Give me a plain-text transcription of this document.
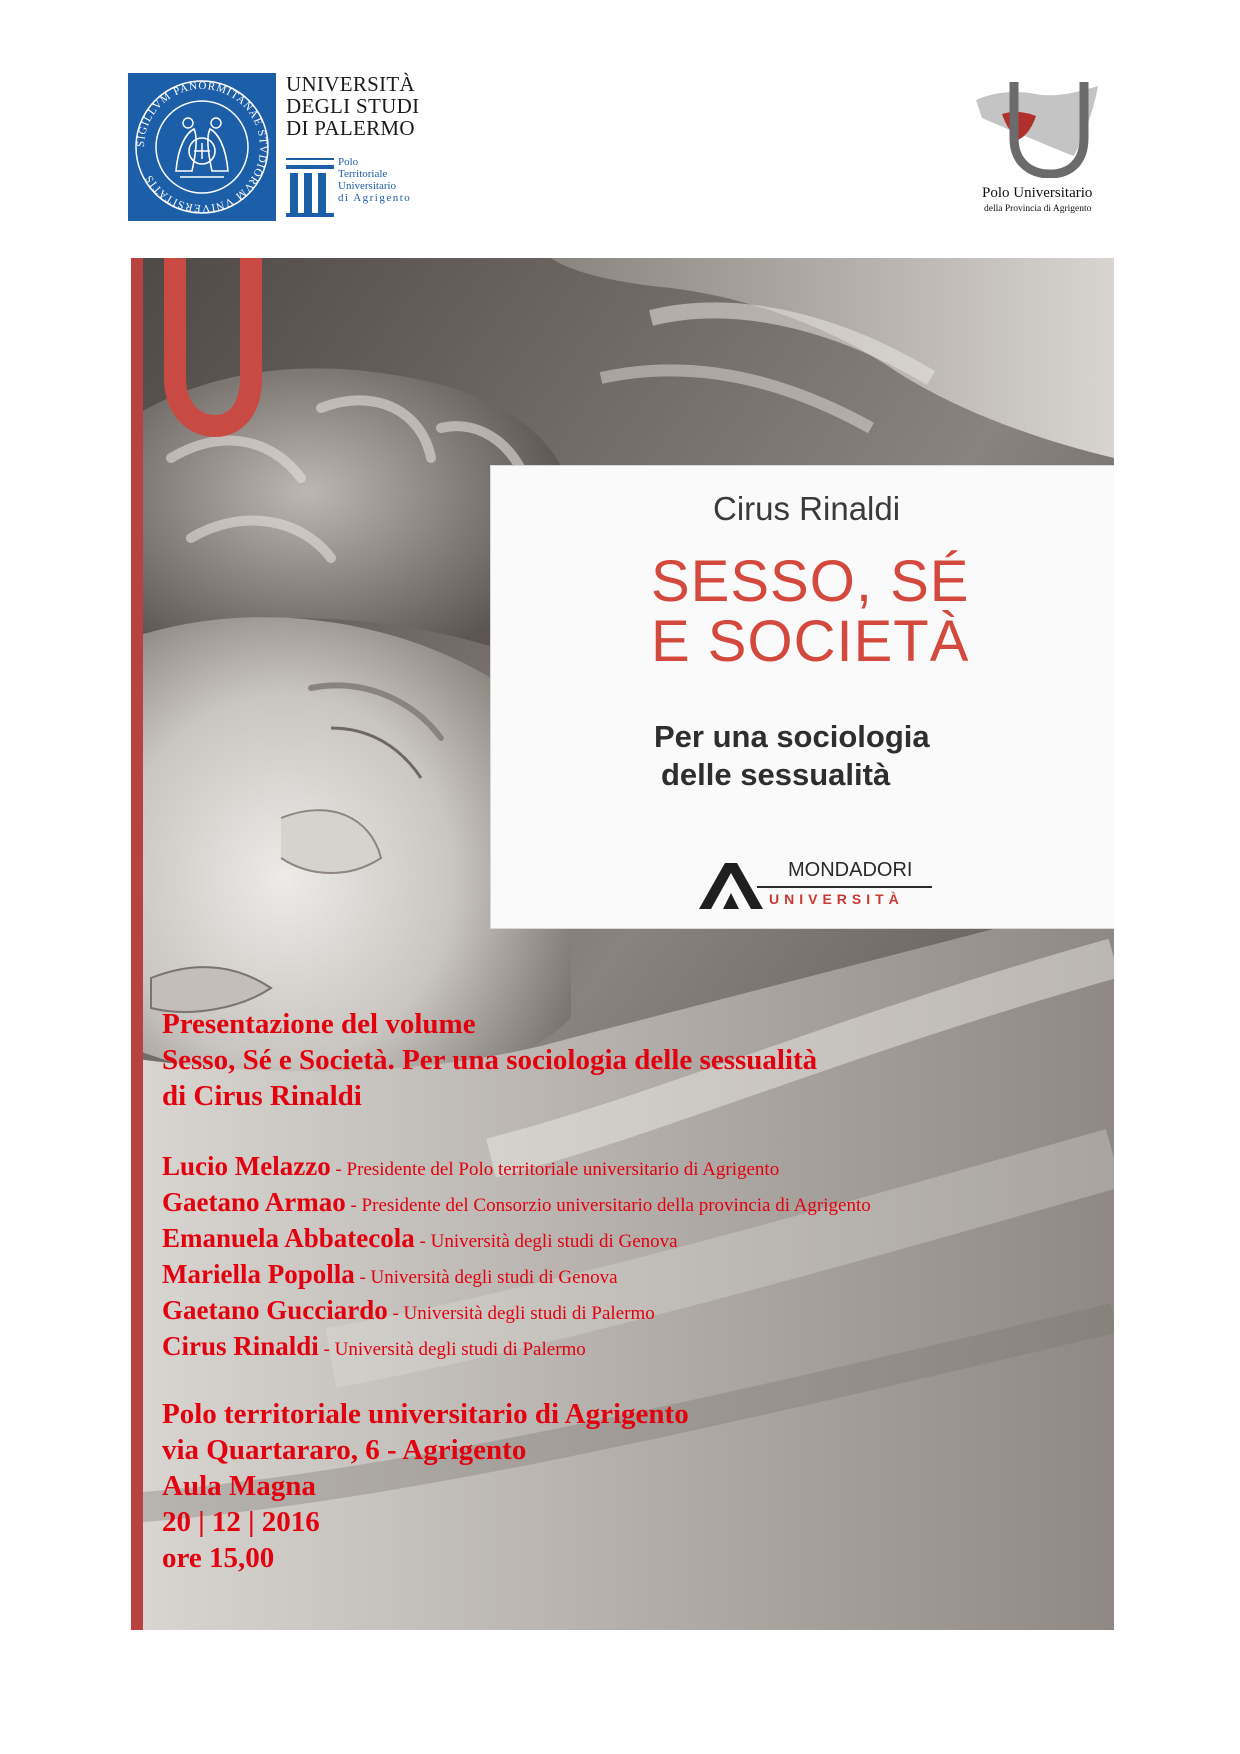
SIGILLVM PANORMITANAE STVDIORVM VNIVERSITATIS
UNIVERSITÀ
DEGLI STUDI
DI PALERMO
Polo
Territoriale
Universitario
di Agrigento	Polo Universitario
della Provincia di Agrigento
Cirus Rinaldi
SESSO, SÉ
E SOCIETÀ
Per una sociologia
delle sessualità
MONDADORI
UNIVERSITÀ
Presentazione del volume
Sesso, Sé e Società. Per una sociologia delle sessualità
di Cirus Rinaldi
Lucio Melazzo - Presidente del Polo territoriale universitario di Agrigento
Gaetano Armao - Presidente del Consorzio universitario della provincia di Agrigento
Emanuela Abbatecola - Università degli studi di Genova
Mariella Popolla - Università degli studi di Genova
Gaetano Gucciardo - Università degli studi di Palermo
Cirus Rinaldi - Università degli studi di Palermo
Polo territoriale universitario di Agrigento
via Quartararo, 6 - Agrigento
Aula Magna
20 | 12 | 2016
ore 15,00
